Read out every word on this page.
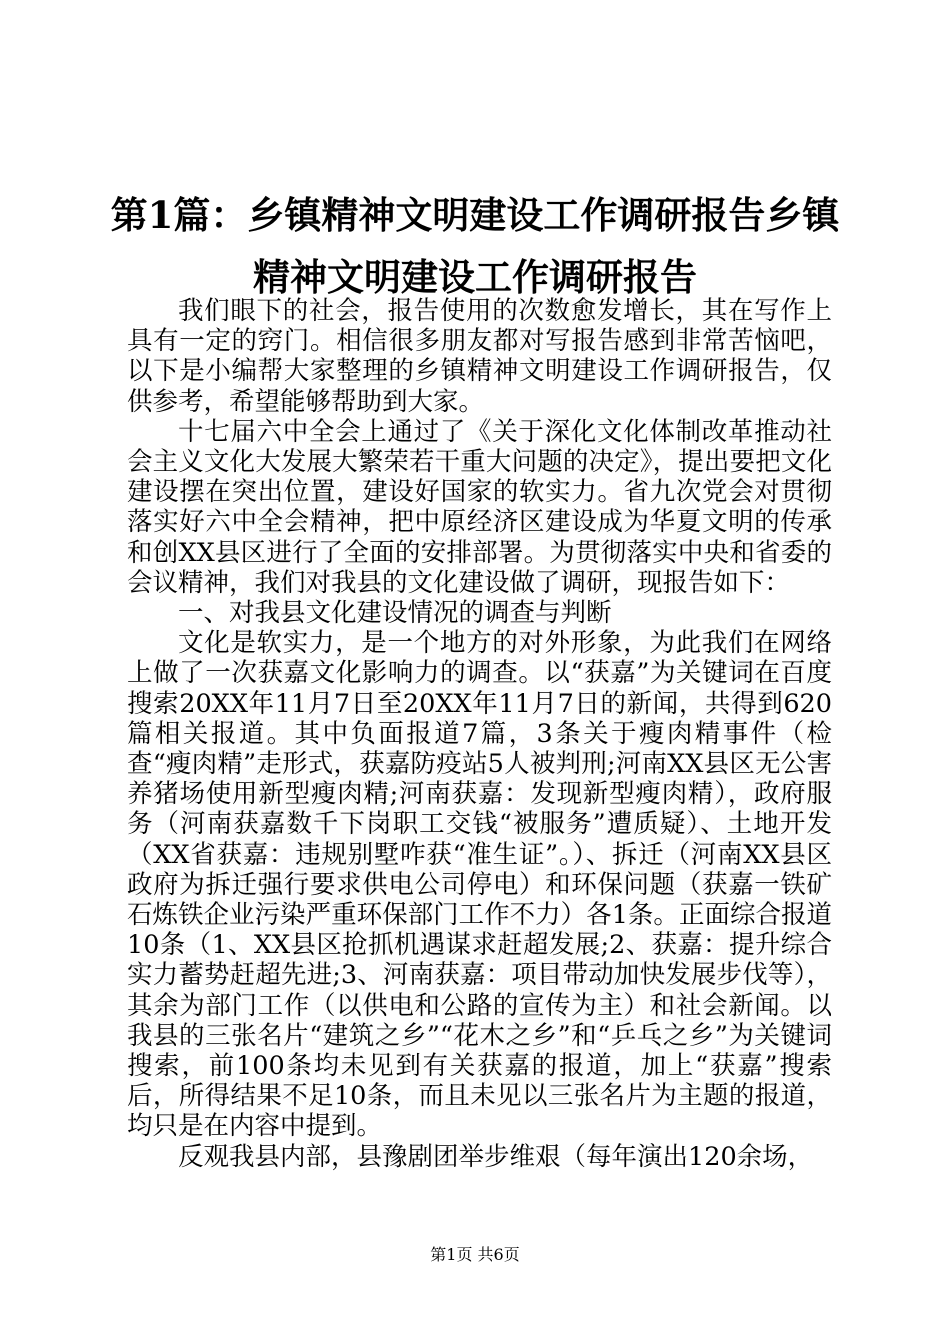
第1篇：乡镇精神文明建设工作调研报告乡镇精神文明建设工作调研报告

我们眼下的社会，报告使用的次数愈发增长，其在写作上具有一定的窍门。相信很多朋友都对写报告感到非常苦恼吧，以下是小编帮大家整理的乡镇精神文明建设工作调研报告，仅供参考，希望能够帮助到大家。

十七届六中全会上通过了《关于深化文化体制改革推动社会主义文化大发展大繁荣若干重大问题的决定》，提出要把文化建设摆在突出位置，建设好国家的软实力。省九次党会对贯彻落实好六中全会精神，把中原经济区建设成为华夏文明的传承和创XX县区进行了全面的安排部署。为贯彻落实中央和省委的会议精神，我们对我县的文化建设做了调研，现报告如下：

一、对我县文化建设情况的调查与判断

文化是软实力，是一个地方的对外形象，为此我们在网络上做了一次获嘉文化影响力的调查。以“获嘉”为关键词在百度搜索20XX年11月7日至20XX年11月7日的新闻，共得到620篇相关报道。其中负面报道7篇，3条关于瘦肉精事件（检查“瘦肉精”走形式，获嘉防疫站5人被判刑;河南XX县区无公害养猪场使用新型瘦肉精;河南获嘉：发现新型瘦肉精），政府服务（河南获嘉数千下岗职工交钱“被服务”遭质疑）、土地开发（XX省获嘉：违规别墅咋获“准生证”。）、拆迁（河南XX县区政府为拆迁强行要求供电公司停电）和环保问题（获嘉一铁矿石炼铁企业污染严重环保部门工作不力）各1条。正面综合报道10条（1、XX县区抢抓机遇谋求赶超发展;2、获嘉：提升综合实力蓄势赶超先进;3、河南获嘉：项目带动加快发展步伐等），其余为部门工作（以供电和公路的宣传为主）和社会新闻。以我县的三张名片“建筑之乡”“花木之乡”和“乒乓之乡”为关键词搜索，前100条均未见到有关获嘉的报道，加上“获嘉”搜索后，所得结果不足10条，而且未见以三张名片为主题的报道，均只是在内容中提到。

反观我县内部，县豫剧团举步维艰（每年演出120余场，

第1页 共6页
